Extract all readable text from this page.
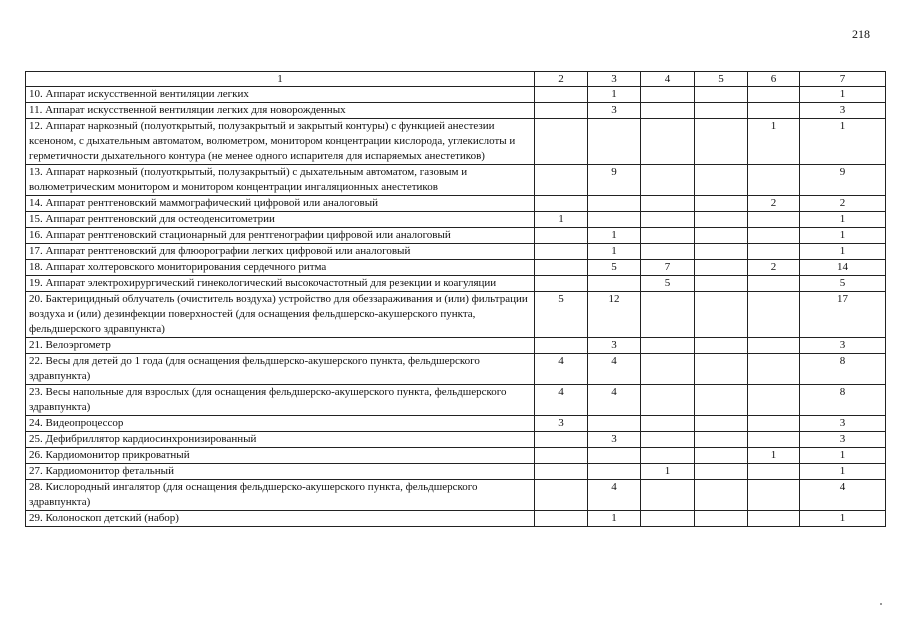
218
1	2	3	4	5	6	7
10. Аппарат искусственной вентиляции легких		1				1
11. Аппарат искусственной вентиляции легких для новорожденных		3				3
12. Аппарат наркозный (полуоткрытый, полузакрытый и закрытый контуры) с функцией анестезии ксеноном, с дыхательным автоматом, волюметром, монитором концентрации кислорода, углекислоты и герметичности дыхательного контура (не менее одного испарителя для испаряемых анестетиков)					1	1
13. Аппарат наркозный (полуоткрытый, полузакрытый) с дыхательным автоматом, газовым и волюметрическим монитором и монитором концентрации ингаляционных анестетиков		9				9
14. Аппарат рентгеновский маммографический цифровой или аналоговый					2	2
15. Аппарат рентгеновский для остеоденситометрии	1					1
16. Аппарат рентгеновский стационарный для рентгенографии цифровой или аналоговый		1				1
17. Аппарат рентгеновский для флюорографии легких цифровой или аналоговый		1				1
18. Аппарат холтеровского мониторирования сердечного ритма		5	7		2	14
19. Аппарат электрохирургический гинекологический высокочастотный для резекции и коагуляции			5			5
20. Бактерицидный облучатель (очиститель воздуха) устройство для обеззараживания и (или) фильтрации воздуха и (или) дезинфекции поверхностей (для оснащения фельдшерско-акушерского пункта, фельдшерского здравпункта)	5	12				17
21. Велоэргометр		3				3
22. Весы для детей до 1 года (для оснащения фельдшерско-акушерского пункта, фельдшерского здравпункта)	4	4				8
23. Весы напольные для взрослых (для оснащения фельдшерско-акушерского пункта, фельдшерского здравпункта)	4	4				8
24. Видеопроцессор	3					3
25. Дефибриллятор кардиосинхронизированный		3				3
26. Кардиомонитор прикроватный					1	1
27. Кардиомонитор фетальный			1			1
28. Кислородный ингалятор (для оснащения фельдшерско-акушерского пункта, фельдшерского здравпункта)		4				4
29. Колоноскоп детский (набор)		1				1
